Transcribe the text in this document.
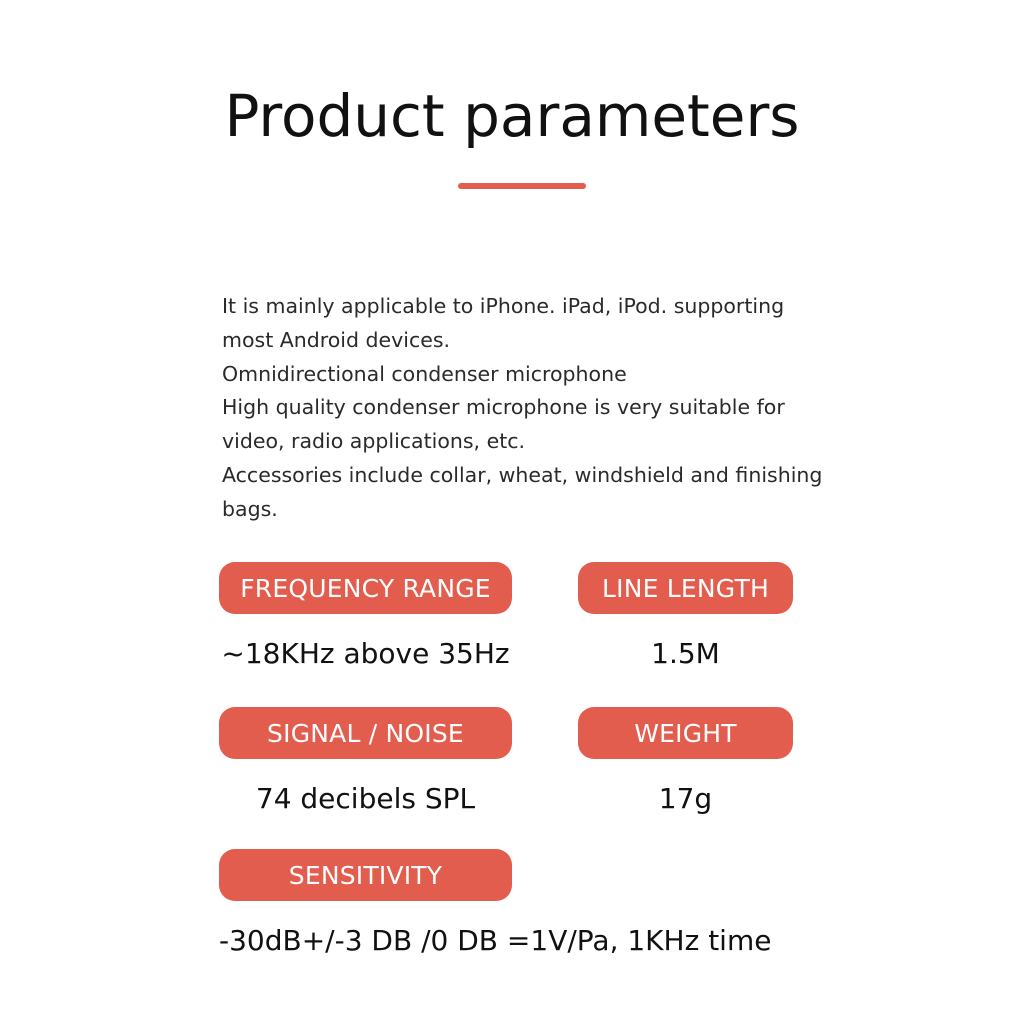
Product parameters

It is mainly applicable to iPhone. iPad, iPod. supporting

most Android devices.

Omnidirectional condenser microphone

High quality condenser microphone is very suitable for

video, radio applications, etc.

Accessories include collar, wheat, windshield and finishing

bags.

FREQUENCY RANGE	LINE LENGTH
~18KHz above 35Hz	1.5M
SIGNAL / NOISE	WEIGHT
74 decibels SPL	17g
SENSITIVITY
-30dB+/-3 DB /0 DB =1V/Pa, 1KHz time
